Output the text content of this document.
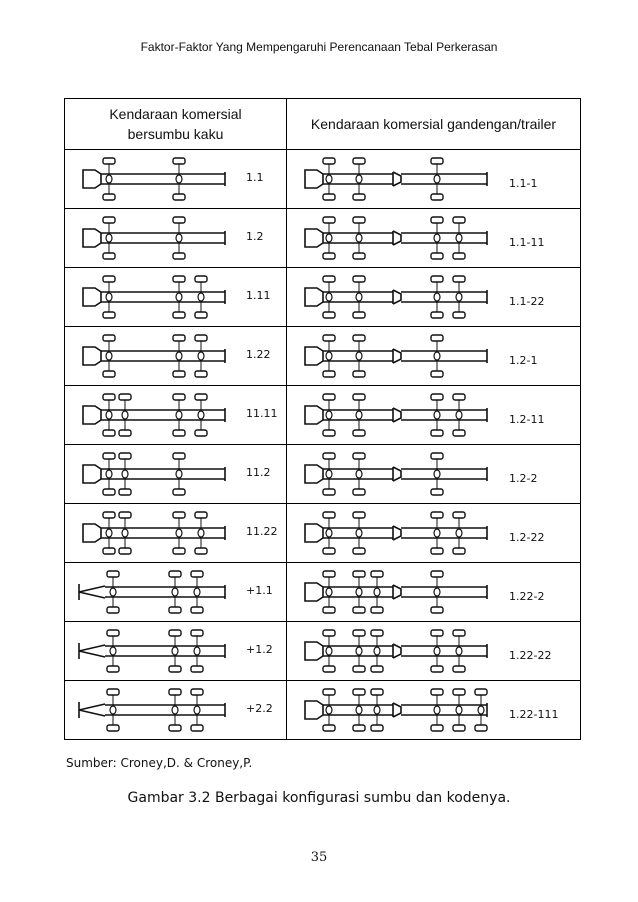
Faktor-Faktor Yang Mempengaruhi Perencanaan Tebal Perkerasan
Kendaraan komersial
bersumbu kaku	Kendaraan komersial gandengan/trailer

1.1	1.1-1

1.2	1.1-11

1.11	1.1-22

1.22	1.2-1

11.11	1.2-11

11.2	1.2-2

11.22	1.2-22

+1.1	1.22-2

+1.2	1.22-22

+2.2	1.22-111
Sumber: Croney,D. & Croney,P.
Gambar 3.2 Berbagai konfigurasi sumbu dan kodenya.
35
